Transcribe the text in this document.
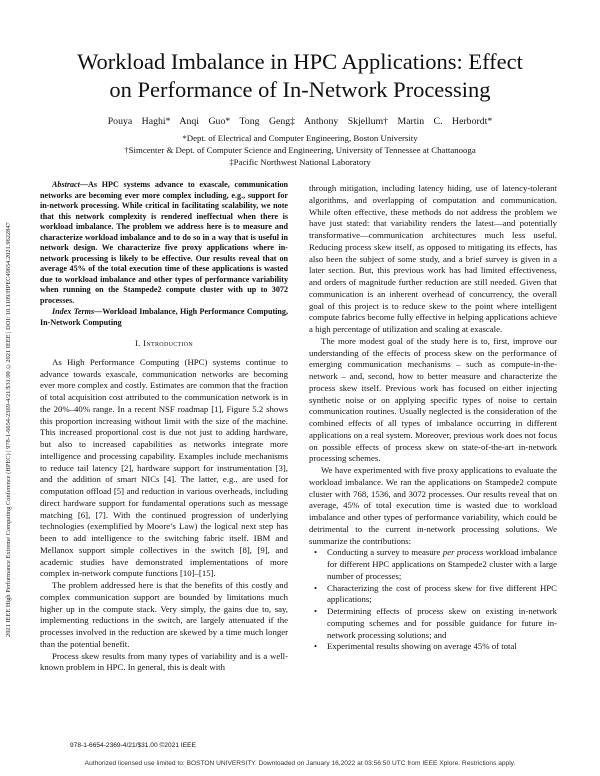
2021 IEEE High Performance Extreme Computing Conference (HPEC) | 978-1-6654-2369-4/21/$31.00 ©2021 IEEE | DOI: 10.1109/HPEC49654.2021.9622847
Workload Imbalance in HPC Applications: Effect
on Performance of In-Network Processing
Pouya Haghi* Anqi Guo* Tong Geng‡ Anthony Skjellum† Martin C. Herbordt*
*Dept. of Electrical and Computer Engineering, Boston University
†Simcenter & Dept. of Computer Science and Engineering, University of Tennessee at Chattanooga
‡Pacific Northwest National Laboratory

Abstract—As HPC systems advance to exascale, communication networks are becoming ever more complex including, e.g., support for in-network processing. While critical in facilitating scalability, we note that this network complexity is rendered ineffectual when there is workload imbalance. The problem we address here is to measure and characterize workload imbalance and to do so in a way that is useful in network design. We characterize five proxy applications where in-network processing is likely to be effective. Our results reveal that on average 45% of the total execution time of these applications is wasted due to workload imbalance and other types of performance variability when running on the Stampede2 compute cluster with up to 3072 processes.

Index Terms—Workload Imbalance, High Performance Computing, In-Network Computing

I. Introduction

As High Performance Computing (HPC) systems continue to advance towards exascale, communication networks are becoming ever more complex and costly. Estimates are common that the fraction of total acquisition cost attributed to the communication network is in the 20%–40% range. In a recent NSF roadmap [1], Figure 5.2 shows this proportion increasing without limit with the size of the machine. This increased proportional cost is due not just to adding hardware, but also to increased capabilities as networks integrate more intelligence and processing capability. Examples include mechanisms to reduce tail latency [2], hardware support for instrumentation [3], and the addition of smart NICs [4]. The latter, e.g., are used for computation offload [5] and reduction in various overheads, including direct hardware support for fundamental operations such as message matching [6], [7]. With the continued progression of underlying technologies (exemplified by Moore’s Law) the logical next step has been to add intelligence to the switching fabric itself. IBM and Mellanox support simple collectives in the switch [8], [9], and academic studies have demonstrated implementations of more complex in-network compute functions [10]–[15].

The problem addressed here is that the benefits of this costly and complex communication support are bounded by limitations much higher up in the compute stack. Very simply, the gains due to, say, implementing reductions in the switch, are largely attenuated if the processes involved in the reduction are skewed by a time much longer than the potential benefit.

Process skew results from many types of variability and is a well-known problem in HPC. In general, this is dealt with

through mitigation, including latency hiding, use of latency-tolerant algorithms, and overlapping of computation and communication. While often effective, these methods do not address the problem we have just stated: that variability renders the latest—and potentially transformative—communication architectures much less useful. Reducing process skew itself, as opposed to mitigating its effects, has also been the subject of some study, and a brief survey is given in a later section. But, this previous work has had limited effectiveness, and orders of magnitude further reduction are still needed. Given that communication is an inherent overhead of concurrency, the overall goal of this project is to reduce skew to the point where intelligent compute fabrics become fully effective in helping applications achieve a high percentage of utilization and scaling at exascale.

The more modest goal of the study here is to, first, improve our understanding of the effects of process skew on the performance of emerging communication mechanisms – such as compute-in-the-network – and, second, how to better measure and characterize the process skew itself. Previous work has focused on either injecting synthetic noise or on applying specific types of noise to certain communication routines. Usually neglected is the consideration of the combined effects of all types of imbalance occurring in different applications on a real system. Moreover, previous work does not focus on possible effects of process skew on state-of-the-art in-network processing schemes.

We have experimented with five proxy applications to evaluate the workload imbalance. We ran the applications on Stampede2 compute cluster with 768, 1536, and 3072 processes. Our results reveal that on average, 45% of total execution time is wasted due to workload imbalance and other types of performance variability, which could be detrimental to the current in-network processing solutions. We summarize the contributions:

• Conducting a survey to measure per process workload imbalance for different HPC applications on Stampede2 cluster with a large number of processes;
• Characterizing the cost of process skew for five different HPC applications;
• Determining effects of process skew on existing in-network computing schemes and for possible guidance for future in-network processing solutions; and
• Experimental results showing on average 45% of total
978-1-6654-2369-4/21/$31.00 ©2021 IEEE
Authorized licensed use limited to: BOSTON UNIVERSITY. Downloaded on January 16,2022 at 03:56:50 UTC from IEEE Xplore. Restrictions apply.
